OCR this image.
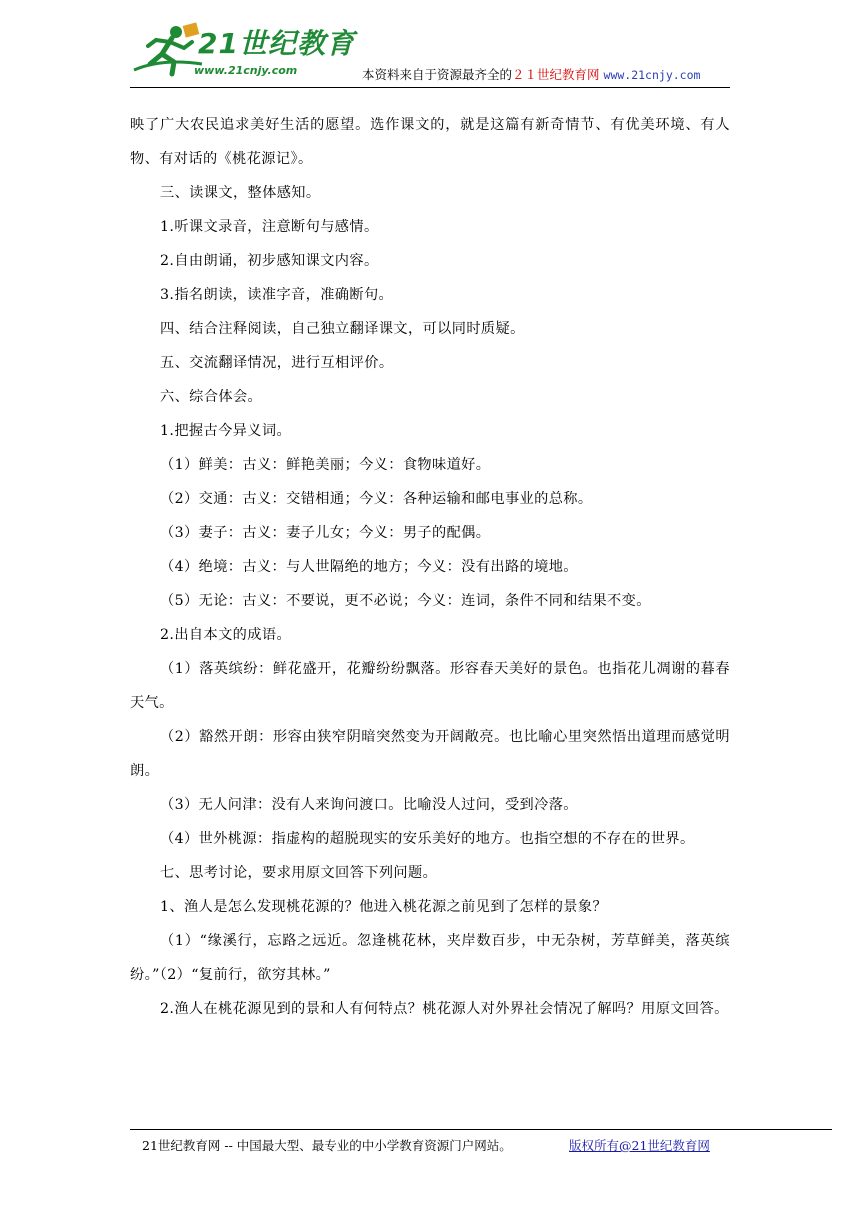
21世纪教育
www.21cnjy.com	本资料来自于资源最齐全的２１世纪教育网 www.21cnjy.com

映了广大农民追求美好生活的愿望。选作课文的，就是这篇有新奇情节、有优美环境、有人物、有对话的《桃花源记》。

三、读课文，整体感知。

1.听课文录音，注意断句与感情。

2.自由朗诵，初步感知课文内容。

3.指名朗读，读准字音，准确断句。

四、结合注释阅读，自己独立翻译课文，可以同时质疑。

五、交流翻译情况，进行互相评价。

六、综合体会。

1.把握古今异义词。

（1）鲜美：古义：鲜艳美丽；今义：食物味道好。

（2）交通：古义：交错相通；今义：各种运输和邮电事业的总称。

（3）妻子：古义：妻子儿女；今义：男子的配偶。

（4）绝境：古义：与人世隔绝的地方；今义：没有出路的境地。

（5）无论：古义：不要说，更不必说；今义：连词，条件不同和结果不变。

2.出自本文的成语。

（1）落英缤纷：鲜花盛开，花瓣纷纷飘落。形容春天美好的景色。也指花儿凋谢的暮春天气。

（2）豁然开朗：形容由狭窄阴暗突然变为开阔敞亮。也比喻心里突然悟出道理而感觉明朗。

（3）无人问津：没有人来询问渡口。比喻没人过问，受到冷落。

（4）世外桃源：指虚构的超脱现实的安乐美好的地方。也指空想的不存在的世界。

七、思考讨论，要求用原文回答下列问题。

1、渔人是怎么发现桃花源的？他进入桃花源之前见到了怎样的景象？

（1）“缘溪行，忘路之远近。忽逢桃花林，夹岸数百步，中无杂树，芳草鲜美，落英缤纷。”（2）“复前行，欲穷其林。”

2.渔人在桃花源见到的景和人有何特点？桃花源人对外界社会情况了解吗？用原文回答。

21世纪教育网 -- 中国最大型、最专业的中小学教育资源门户网站。	版权所有@21世纪教育网
